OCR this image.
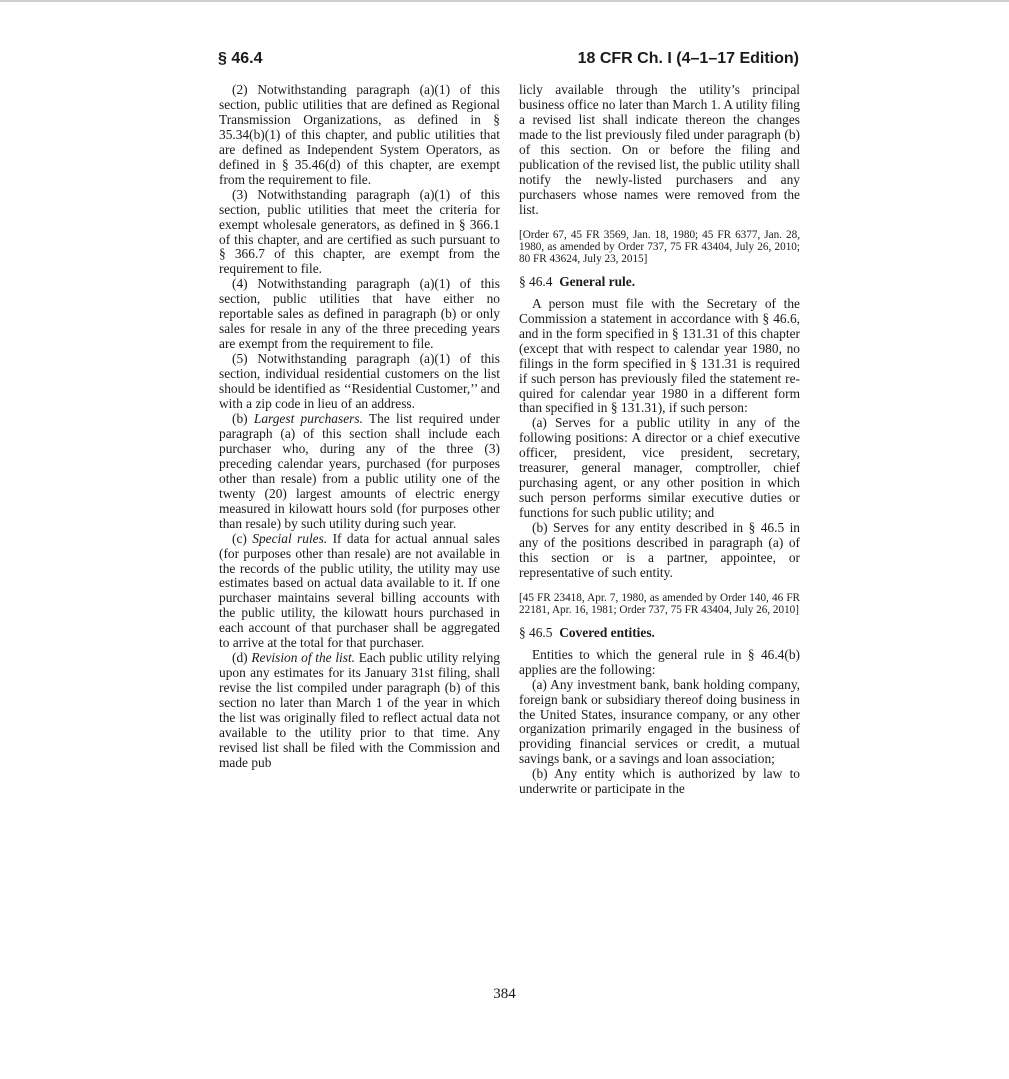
§ 46.4	18 CFR Ch. I (4–1–17 Edition)

(2) Notwithstanding paragraph (a)(1) of this section, public utilities that are defined as Regional Transmission Organizations, as defined in § 35.34(b)(1) of this chapter, and public utilities that are defined as Independent System Operators, as defined in § 35.46(d) of this chapter, are exempt from the requirement to file.

(3) Notwithstanding paragraph (a)(1) of this section, public utilities that meet the criteria for exempt wholesale generators, as defined in § 366.1 of this chapter, and are certified as such pursuant to § 366.7 of this chapter, are exempt from the requirement to file.

(4) Notwithstanding paragraph (a)(1) of this section, public utilities that have either no reportable sales as defined in paragraph (b) or only sales for resale in any of the three preceding years are exempt from the requirement to file.

(5) Notwithstanding paragraph (a)(1) of this section, individual residential customers on the list should be identified as ‘‘Residential Customer,’’ and with a zip code in lieu of an address.

(b) Largest purchasers. The list required under paragraph (a) of this section shall include each purchaser who, during any of the three (3) preceding calendar years, purchased (for purposes other than resale) from a public utility one of the twenty (20) largest amounts of electric energy measured in kilowatt hours sold (for purposes other than resale) by such utility during such year.

(c) Special rules. If data for actual annual sales (for purposes other than resale) are not available in the records of the public utility, the utility may use estimates based on actual data available to it. If one purchaser maintains several billing accounts with the public utility, the kilowatt hours purchased in each account of that purchaser shall be aggregated to arrive at the total for that purchaser.

(d) Revision of the list. Each public utility relying upon any estimates for its January 31st filing, shall revise the list compiled under paragraph (b) of this section no later than March 1 of the year in which the list was originally filed to reflect actual data not available to the utility prior to that time. Any revised list shall be filed with the Commission and made pub

licly available through the utility’s principal business office no later than March 1. A utility filing a revised list shall indicate thereon the changes made to the list previously filed under paragraph (b) of this section. On or before the filing and publication of the revised list, the public utility shall notify the newly-listed purchasers and any purchasers whose names were removed from the list.

[Order 67, 45 FR 3569, Jan. 18, 1980; 45 FR 6377, Jan. 28, 1980, as amended by Order 737, 75 FR 43404, July 26, 2010; 80 FR 43624, July 23, 2015]

§ 46.4 General rule.

A person must file with the Secretary of the Commission a statement in accordance with § 46.6, and in the form specified in § 131.31 of this chapter (except that with respect to calendar year 1980, no filings in the form specified in § 131.31 is required if such person has previously filed the statement required for calendar year 1980 in a different form than specified in § 131.31), if such person:

(a) Serves for a public utility in any of the following positions: A director or a chief executive officer, president, vice president, secretary, treasurer, general manager, comptroller, chief purchasing agent, or any other position in which such person performs similar executive duties or functions for such public utility; and

(b) Serves for any entity described in § 46.5 in any of the positions described in paragraph (a) of this section or is a partner, appointee, or representative of such entity.

[45 FR 23418, Apr. 7, 1980, as amended by Order 140, 46 FR 22181, Apr. 16, 1981; Order 737, 75 FR 43404, July 26, 2010]

§ 46.5 Covered entities.

Entities to which the general rule in § 46.4(b) applies are the following:

(a) Any investment bank, bank holding company, foreign bank or subsidiary thereof doing business in the United States, insurance company, or any other organization primarily engaged in the business of providing financial services or credit, a mutual savings bank, or a savings and loan association;

(b) Any entity which is authorized by law to underwrite or participate in the

384
